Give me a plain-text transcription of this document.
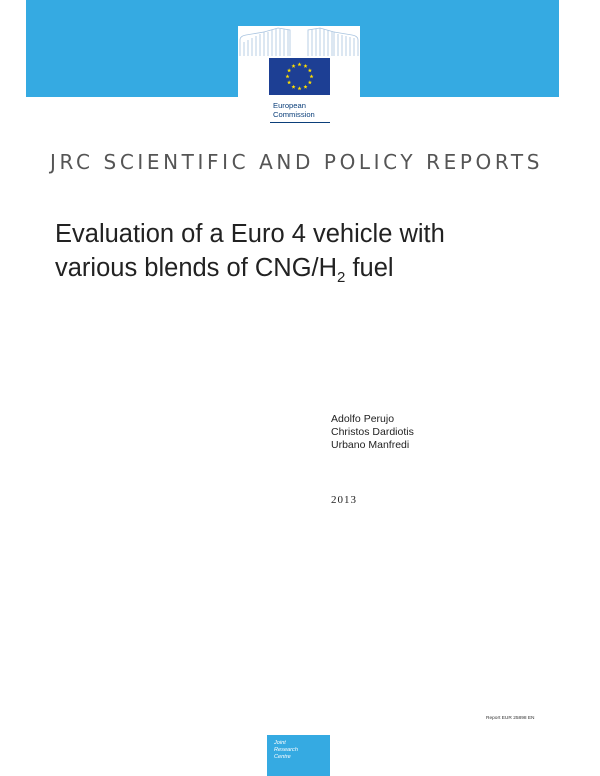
European
Commission
JRC SCIENTIFIC AND POLICY REPORTS
Evaluation of a Euro 4 vehicle with
various blends of CNG/$H_2$ fuel
Adolfo Perujo
Christos Dardiotis
Urbano Manfredi
2013
Report EUR 25898 EN
Joint
Research
Centre
